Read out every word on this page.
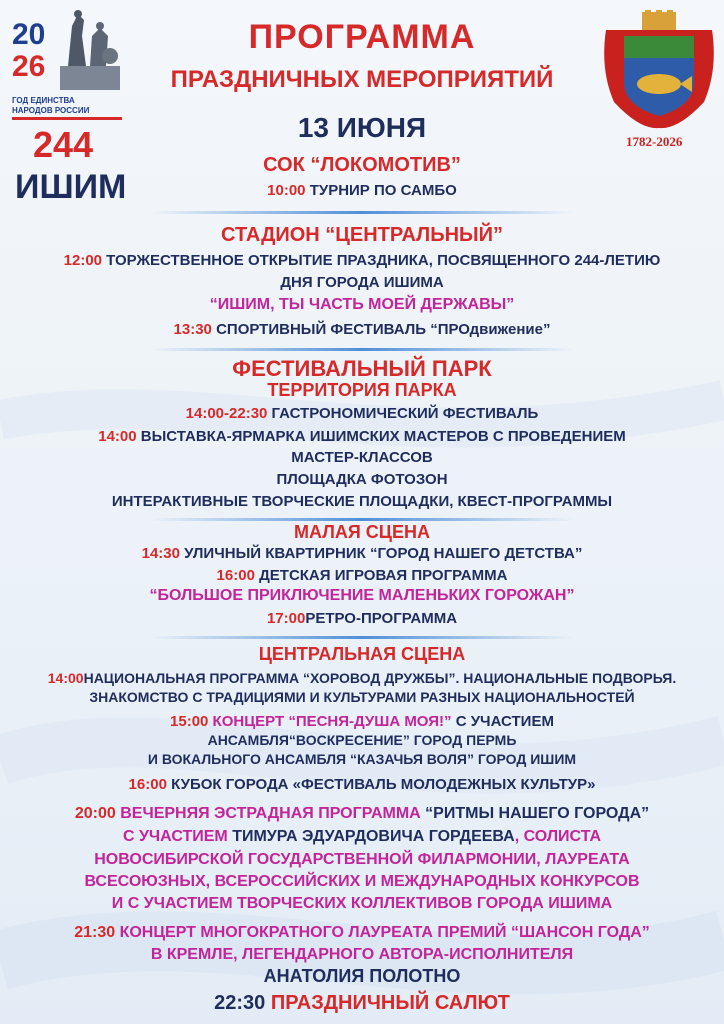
20
26
ГОД ЕДИНСТВА
НАРОДОВ РОССИИ
244
ИШИМ
1782-2026
ПРОГРАММА
ПРАЗДНИЧНЫХ МЕРОПРИЯТИЙ
13 ИЮНЯ
СОК “ЛОКОМОТИВ”
10:00 ТУРНИР ПО САМБО
СТАДИОН “ЦЕНТРАЛЬНЫЙ”
12:00 ТОРЖЕСТВЕННОЕ ОТКРЫТИЕ ПРАЗДНИКА, ПОСВЯЩЕННОГО 244-ЛЕТИЮ
ДНЯ ГОРОДА ИШИМА
“ИШИМ, ТЫ ЧАСТЬ МОЕЙ ДЕРЖАВЫ”
13:30 СПОРТИВНЫЙ ФЕСТИВАЛЬ “ПРОдвижение”
ФЕСТИВАЛЬНЫЙ ПАРК
ТЕРРИТОРИЯ ПАРКА
14:00-22:30 ГАСТРОНОМИЧЕСКИЙ ФЕСТИВАЛЬ
14:00 ВЫСТАВКА-ЯРМАРКА ИШИМСКИХ МАСТЕРОВ С ПРОВЕДЕНИЕМ
МАСТЕР-КЛАССОВ
ПЛОЩАДКА ФОТОЗОН
ИНТЕРАКТИВНЫЕ ТВОРЧЕСКИЕ ПЛОЩАДКИ, КВЕСТ-ПРОГРАММЫ
МАЛАЯ СЦЕНА
14:30 УЛИЧНЫЙ КВАРТИРНИК “ГОРОД НАШЕГО ДЕТСТВА”
16:00 ДЕТСКАЯ ИГРОВАЯ ПРОГРАММА
“БОЛЬШОЕ ПРИКЛЮЧЕНИЕ МАЛЕНЬКИХ ГОРОЖАН”
17:00РЕТРО-ПРОГРАММА
ЦЕНТРАЛЬНАЯ СЦЕНА
14:00НАЦИОНАЛЬНАЯ ПРОГРАММА “ХОРОВОД ДРУЖБЫ”. НАЦИОНАЛЬНЫЕ ПОДВОРЬЯ.
ЗНАКОМСТВО С ТРАДИЦИЯМИ И КУЛЬТУРАМИ РАЗНЫХ НАЦИОНАЛЬНОСТЕЙ
15:00 КОНЦЕРТ “ПЕСНЯ-ДУША МОЯ!” С УЧАСТИЕМ
АНСАМБЛЯ“ВОСКРЕСЕНИЕ” ГОРОД ПЕРМЬ
И ВОКАЛЬНОГО АНСАМБЛЯ “КАЗАЧЬЯ ВОЛЯ” ГОРОД ИШИМ
16:00 КУБОК ГОРОДА «ФЕСТИВАЛЬ МОЛОДЕЖНЫХ КУЛЬТУР»
20:00 ВЕЧЕРНЯЯ ЭСТРАДНАЯ ПРОГРАММА “РИТМЫ НАШЕГО ГОРОДА”
С УЧАСТИЕМ ТИМУРА ЭДУАРДОВИЧА ГОРДЕЕВА, СОЛИСТА
НОВОСИБИРСКОЙ ГОСУДАРСТВЕННОЙ ФИЛАРМОНИИ, ЛАУРЕАТА
ВСЕСОЮЗНЫХ, ВСЕРОССИЙСКИХ И МЕЖДУНАРОДНЫХ КОНКУРСОВ
И С УЧАСТИЕМ ТВОРЧЕСКИХ КОЛЛЕКТИВОВ ГОРОДА ИШИМА
21:30 КОНЦЕРТ МНОГОКРАТНОГО ЛАУРЕАТА ПРЕМИЙ “ШАНСОН ГОДА”
В КРЕМЛЕ, ЛЕГЕНДАРНОГО АВТОРА-ИСПОЛНИТЕЛЯ
АНАТОЛИЯ ПОЛОТНО
22:30 ПРАЗДНИЧНЫЙ САЛЮТ
